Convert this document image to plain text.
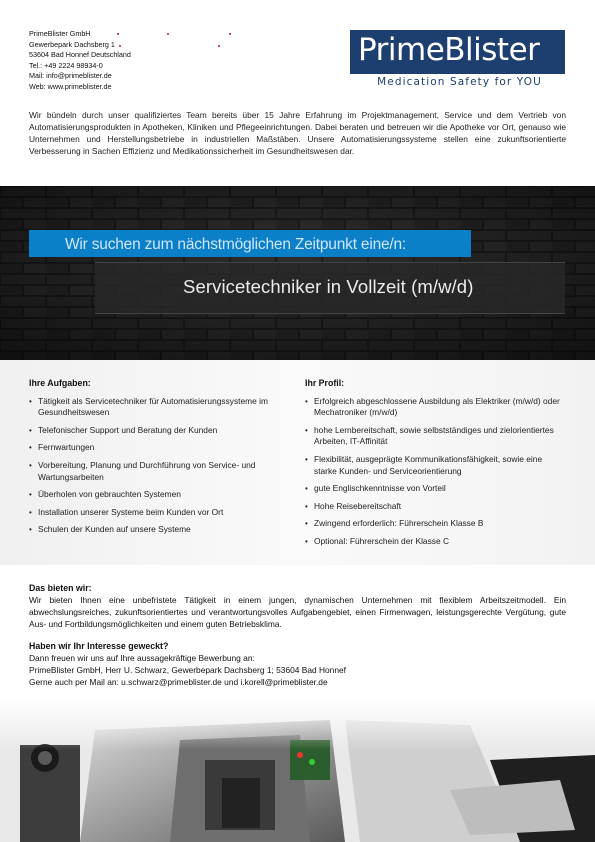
PrimeBlister GmbH
Gewerbepark Dachsberg 1
53604 Bad Honnef Deutschland
Tel.: +49 2224 98934-0
Mail: info@primeblister.de
Web: www.primeblister.de
PrimeBlister
Medication Safety for YOU
Wir bündeln durch unser qualifiziertes Team bereits über 15 Jahre Erfahrung im Projektmanagement, Service und dem Vertrieb von Automatisierungsprodukten in Apotheken, Kliniken und Pflegeeinrichtungen. Dabei beraten und betreuen wir die Apotheke vor Ort, genauso wie Unternehmen und Herstellungsbetriebe in industriellen Maßstäben. Unsere Automatisierungssysteme stellen eine zukunftsorientierte Verbesserung in Sachen Effizienz und Medikationssicherheit im Gesundheitswesen dar.
Wir suchen zum nächstmöglichen Zeitpunkt eine/n:
Servicetechniker in Vollzeit (m/w/d)
Ihre Aufgaben:
• Tätigkeit als Servicetechniker für Automatisierungssysteme im Gesundheitswesen
• Telefonischer Support und Beratung der Kunden
• Fernwartungen
• Vorbereitung, Planung und Durchführung von Service- und Wartungsarbeiten
• Überholen von gebrauchten Systemen
• Installation unserer Systeme beim Kunden vor Ort
• Schulen der Kunden auf unsere Systeme
Ihr Profil:
• Erfolgreich abgeschlossene Ausbildung als Elektriker (m/w/d) oder Mechatroniker (m/w/d)
• hohe Lernbereitschaft, sowie selbstständiges und zielorientiertes Arbeiten, IT-Affinität
• Flexibilität, ausgeprägte Kommunikationsfähigkeit, sowie eine starke Kunden- und Serviceorientierung
• gute Englischkenntnisse von Vorteil
• Hohe Reisebereitschaft
• Zwingend erforderlich: Führerschein Klasse B
• Optional: Führerschein der Klasse C
Das bieten wir:

Wir bieten Ihnen eine unbefristete Tätigkeit in einem jungen, dynamischen Unternehmen mit flexiblem Arbeitszeitmodell. Ein abwechslungsreiches, zukunftsorientiertes und verantwortungsvolles Aufgabengebiet, einen Firmenwagen, leistungsgerechte Vergütung, gute Aus- und Fortbildungsmöglichkeiten und einem guten Betriebsklima.

Haben wir Ihr Interesse geweckt?

Dann freuen wir uns auf Ihre aussagekräftige Bewerbung an:

PrimeBlister GmbH, Herr U. Schwarz, Gewerbepark Dachsberg 1; 53604 Bad Honnef

Gerne auch per Mail an: u.schwarz@primeblister.de und i.korell@primeblister.de
